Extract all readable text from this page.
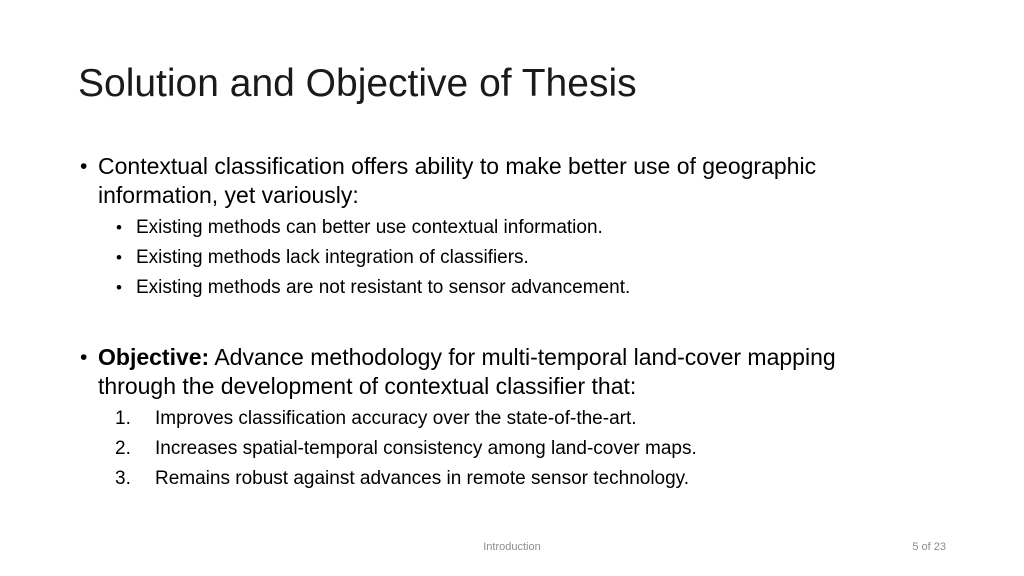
Solution and Objective of Thesis
• Contextual classification offers ability to make better use of geographic information, yet variously:
• Existing methods can better use contextual information.
• Existing methods lack integration of classifiers.
• Existing methods are not resistant to sensor advancement.
• Objective: Advance methodology for multi-temporal land-cover mapping through the development of contextual classifier that:
1. Improves classification accuracy over the state-of-the-art.
2. Increases spatial-temporal consistency among land-cover maps.
3. Remains robust against advances in remote sensor technology.
Introduction	5 of 23
